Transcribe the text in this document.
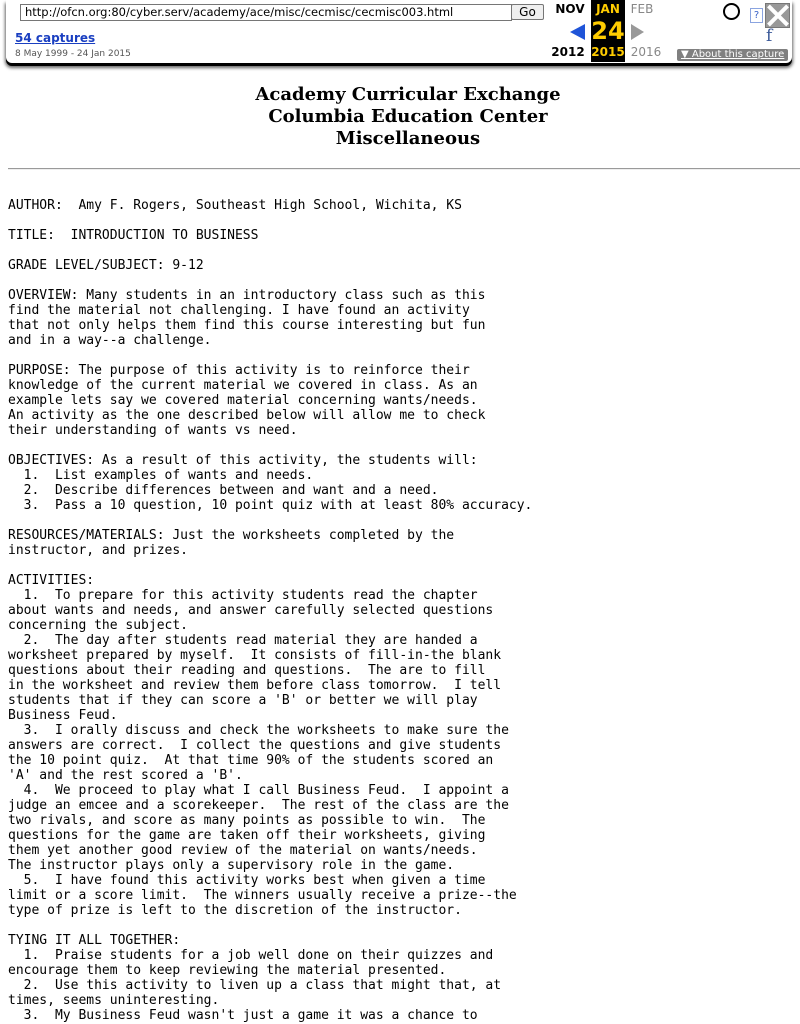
http://ofcn.org:80/cyber.serv/academy/ace/misc/cecmisc/cecmisc003.html
Go
54 captures
8 May 1999 - 24 Jan 2015
NOV JAN
24
2015
FEB
2012	2016
?
f
▼ About this capture
Academy Curricular Exchange
Columbia Education Center
Miscellaneous
AUTHOR:  Amy F. Rogers, Southeast High School, Wichita, KS

TITLE:  INTRODUCTION TO BUSINESS

GRADE LEVEL/SUBJECT: 9-12

OVERVIEW: Many students in an introductory class such as this
find the material not challenging. I have found an activity
that not only helps them find this course interesting but fun
and in a way--a challenge.

PURPOSE: The purpose of this activity is to reinforce their
knowledge of the current material we covered in class. As an
example lets say we covered material concerning wants/needs.
An activity as the one described below will allow me to check
their understanding of wants vs need.

OBJECTIVES: As a result of this activity, the students will:
1.  List examples of wants and needs.
2.  Describe differences between and want and a need.
3.  Pass a 10 question, 10 point quiz with at least 80% accuracy.

RESOURCES/MATERIALS: Just the worksheets completed by the
instructor, and prizes.

ACTIVITIES:
1.  To prepare for this activity students read the chapter
about wants and needs, and answer carefully selected questions
concerning the subject.
2.  The day after students read material they are handed a
worksheet prepared by myself.  It consists of fill-in-the blank
questions about their reading and questions.  The are to fill
in the worksheet and review them before class tomorrow.  I tell
students that if they can score a 'B' or better we will play
Business Feud.
3.  I orally discuss and check the worksheets to make sure the
answers are correct.  I collect the questions and give students
the 10 point quiz.  At that time 90% of the students scored an
'A' and the rest scored a 'B'.
4.  We proceed to play what I call Business Feud.  I appoint a
judge an emcee and a scorekeeper.  The rest of the class are the
two rivals, and score as many points as possible to win.  The
questions for the game are taken off their worksheets, giving
them yet another good review of the material on wants/needs.
The instructor plays only a supervisory role in the game.
5.  I have found this activity works best when given a time
limit or a score limit.  The winners usually receive a prize--the
type of prize is left to the discretion of the instructor.

TYING IT ALL TOGETHER:
1.  Praise students for a job well done on their quizzes and
encourage them to keep reviewing the material presented.
2.  Use this activity to liven up a class that might that, at
times, seems uninteresting.
3.  My Business Feud wasn't just a game it was a chance to
